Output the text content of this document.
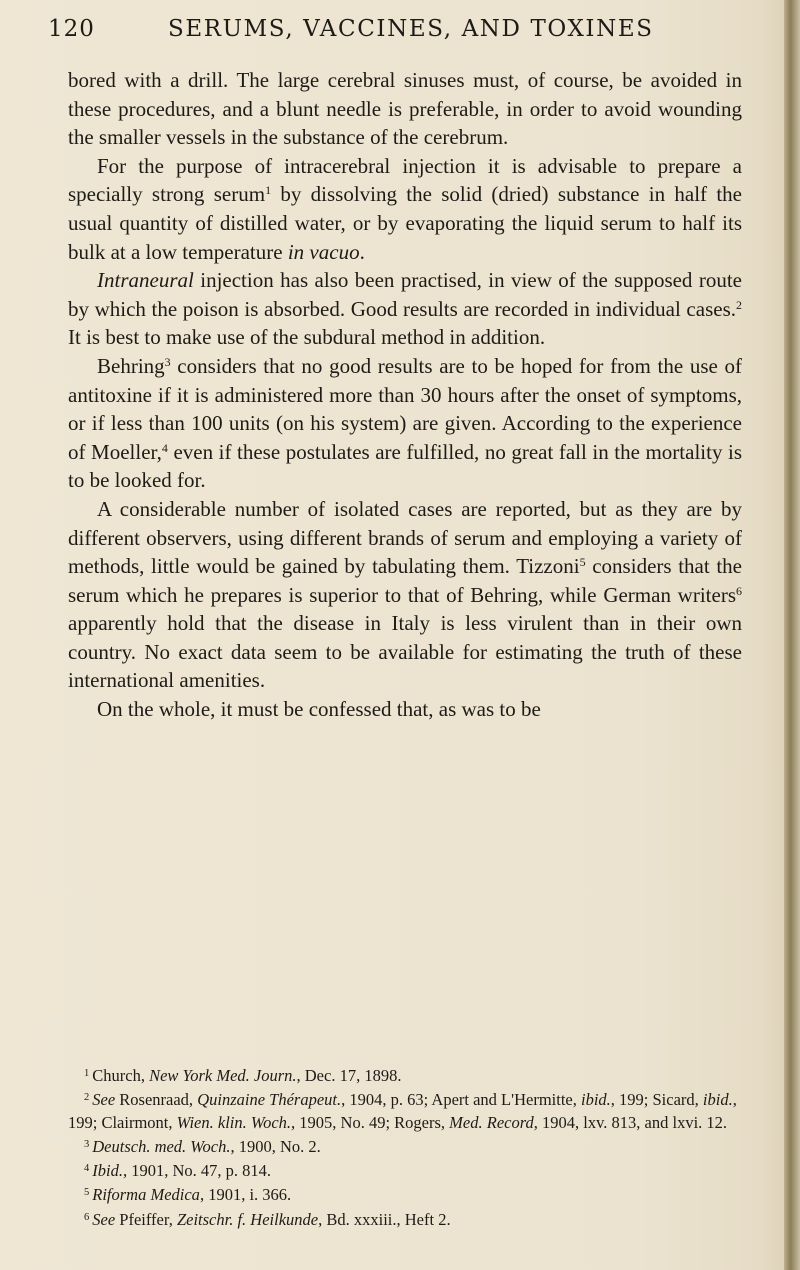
120	SERUMS, VACCINES, AND TOXINES

bored with a drill. The large cerebral sinuses must, of course, be avoided in these procedures, and a blunt needle is preferable, in order to avoid wounding the smaller vessels in the substance of the cerebrum.

For the purpose of intracerebral injection it is advisable to prepare a specially strong serum$^1$ by dissolving the solid (dried) substance in half the usual quantity of distilled water, or by evaporating the liquid serum to half its bulk at a low temperature in vacuo.

Intraneural injection has also been practised, in view of the supposed route by which the poison is absorbed. Good results are recorded in individual cases.$^2$ It is best to make use of the subdural method in addition.

Behring$^3$ considers that no good results are to be hoped for from the use of antitoxine if it is administered more than 30 hours after the onset of symptoms, or if less than 100 units (on his system) are given. According to the experience of Moeller,$^4$ even if these postulates are fulfilled, no great fall in the mortality is to be looked for.

A considerable number of isolated cases are reported, but as they are by different observers, using different brands of serum and employing a variety of methods, little would be gained by tabulating them. Tizzoni$^5$ considers that the serum which he prepares is superior to that of Behring, while German writers$^6$ apparently hold that the disease in Italy is less virulent than in their own country. No exact data seem to be available for estimating the truth of these international amenities.

On the whole, it must be confessed that, as was to be

$^1$ Church, New York Med. Journ., Dec. 17, 1898.

$^2$ See Rosenraad, Quinzaine Thérapeut., 1904, p. 63; Apert and L'Hermitte, ibid., 199; Sicard, ibid., 199; Clairmont, Wien. klin. Woch., 1905, No. 49; Rogers, Med. Record, 1904, lxv. 813, and lxvi. 12.

$^3$ Deutsch. med. Woch., 1900, No. 2.

$^4$ Ibid., 1901, No. 47, p. 814.

$^5$ Riforma Medica, 1901, i. 366.

$^6$ See Pfeiffer, Zeitschr. f. Heilkunde, Bd. xxxiii., Heft 2.
